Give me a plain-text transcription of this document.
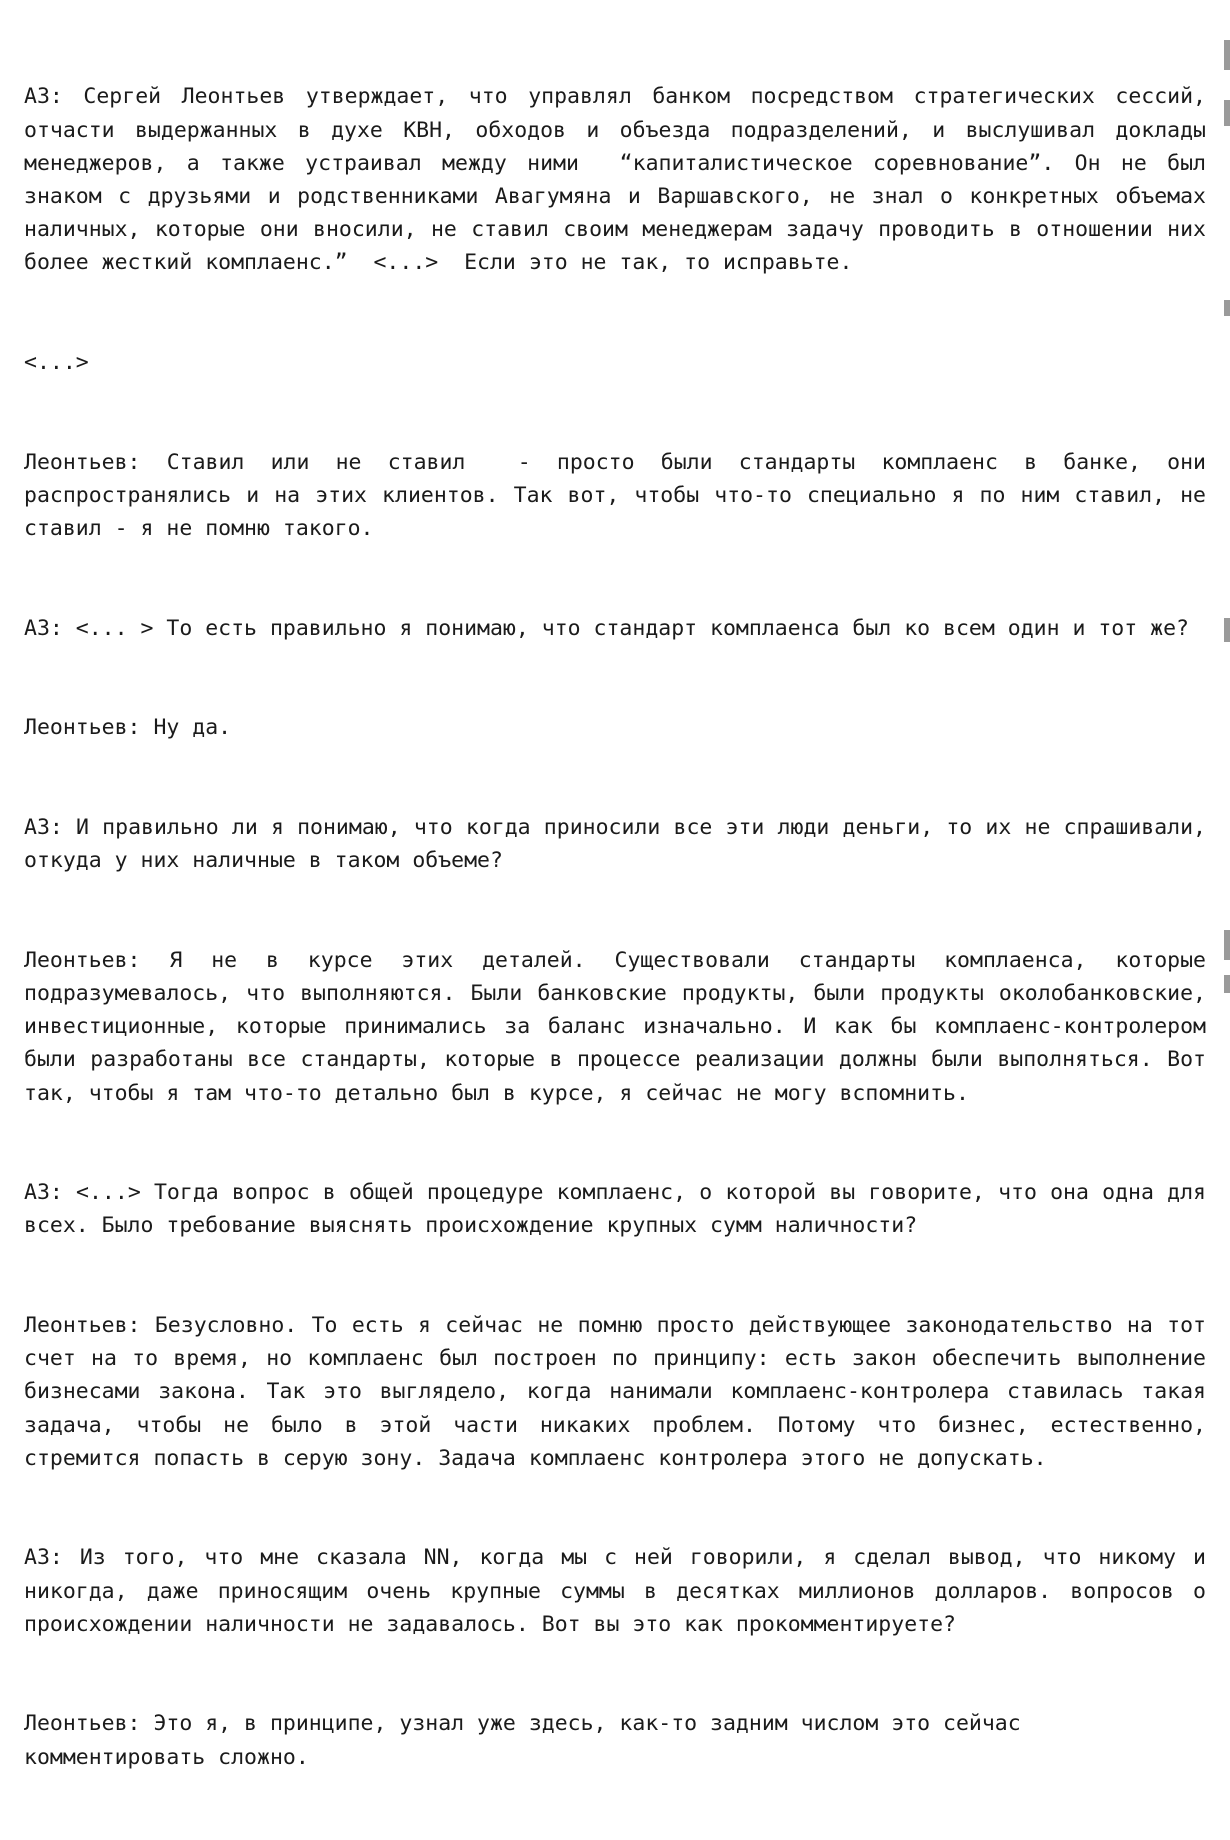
АЗ: Сергей Леонтьев утверждает, что управлял банком посредством стратегических сессий, отчасти выдержанных в духе КВН, обходов и объезда подразделений, и выслушивал доклады менеджеров, а также устраивал между ними  “капиталистическое соревнование”. Он не был знаком с друзьями и родственниками Авагумяна и Варшавского, не знал о конкретных объемах наличных, которые они вносили, не ставил своим менеджерам задачу проводить в отношении них более жесткий комплаенс.”  <...>  Если это не так, то исправьте.

<...>

Леонтьев: Ставил или не ставил  - просто были стандарты комплаенс в банке, они распространялись и на этих клиентов. Так вот, чтобы что-то специально я по ним ставил, не ставил - я не помню такого.

АЗ: <... > То есть правильно я понимаю, что стандарт комплаенса был ко всем один и тот же?

Леонтьев: Ну да.

АЗ: И правильно ли я понимаю, что когда приносили все эти люди деньги, то их не спрашивали, откуда у них наличные в таком объеме?

Леонтьев: Я не в курсе этих деталей. Существовали стандарты комплаенса, которые подразумевалось, что выполняются. Были банковские продукты, были продукты околобанковские, инвестиционные, которые принимались за баланс изначально. И как бы комплаенс-контролером были разработаны все стандарты, которые в процессе реализации должны были выполняться. Вот так, чтобы я там что-то детально был в курсе, я сейчас не могу вспомнить.

АЗ: <...> Тогда вопрос в общей процедуре комплаенс, о которой вы говорите, что она одна для всех. Было требование выяснять происхождение крупных сумм наличности?

Леонтьев: Безусловно. То есть я сейчас не помню просто действующее законодательство на тот счет на то время, но комплаенс был построен по принципу: есть закон обеспечить выполнение бизнесами закона. Так это выглядело, когда нанимали комплаенс-контролера ставилась такая задача, чтобы не было в этой части никаких проблем. Потому что бизнес, естественно, стремится попасть в серую зону. Задача комплаенс контролера этого не допускать.

АЗ: Из того, что мне сказала NN, когда мы с ней говорили, я сделал вывод, что никому и никогда, даже приносящим очень крупные суммы в десятках миллионов долларов. вопросов о происхождении наличности не задавалось. Вот вы это как прокомментируете?

Леонтьев: Это я, в принципе, узнал уже здесь, как-то задним числом это сейчас комментировать сложно.
